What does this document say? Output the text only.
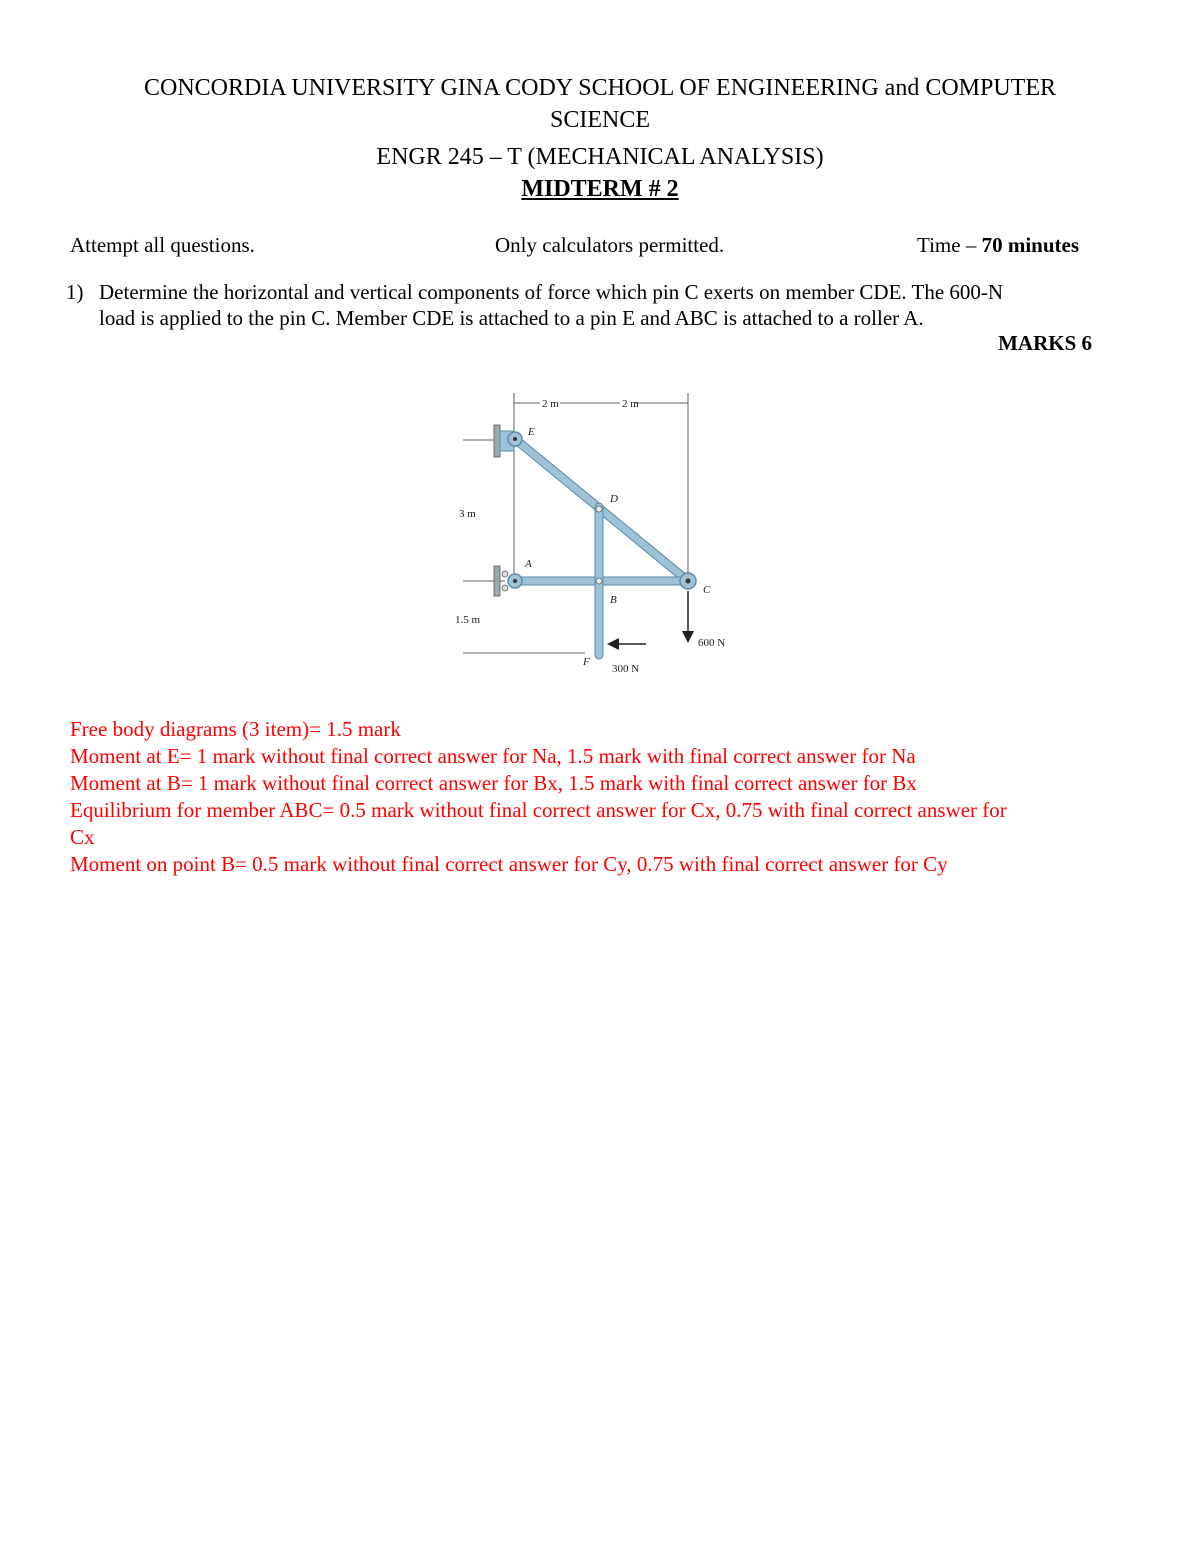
CONCORDIA UNIVERSITY GINA CODY SCHOOL OF ENGINEERING and COMPUTER
SCIENCE
ENGR 245 – T (MECHANICAL ANALYSIS)
MIDTERM # 2
Attempt all questions.	Only calculators permitted.	Time – 70 minutes
1) Determine the horizontal and vertical components of force which pin C exerts on member CDE. The 600-N
load is applied to the pin C. Member CDE is attached to a pin E and ABC is attached to a roller A.
MARKS 6
2 m	2 m
3 m
1.5 m
600 N
300 N
E
D
A
B
C
F
Free body diagrams (3 item)= 1.5 mark
Moment at E= 1 mark without final correct answer for Na, 1.5 mark with final correct answer for Na
Moment at B= 1 mark without final correct answer for Bx, 1.5 mark with final correct answer for Bx
Equilibrium for member ABC= 0.5 mark without final correct answer for Cx, 0.75 with final correct answer for
Cx
Moment on point B= 0.5 mark without final correct answer for Cy, 0.75 with final correct answer for Cy
